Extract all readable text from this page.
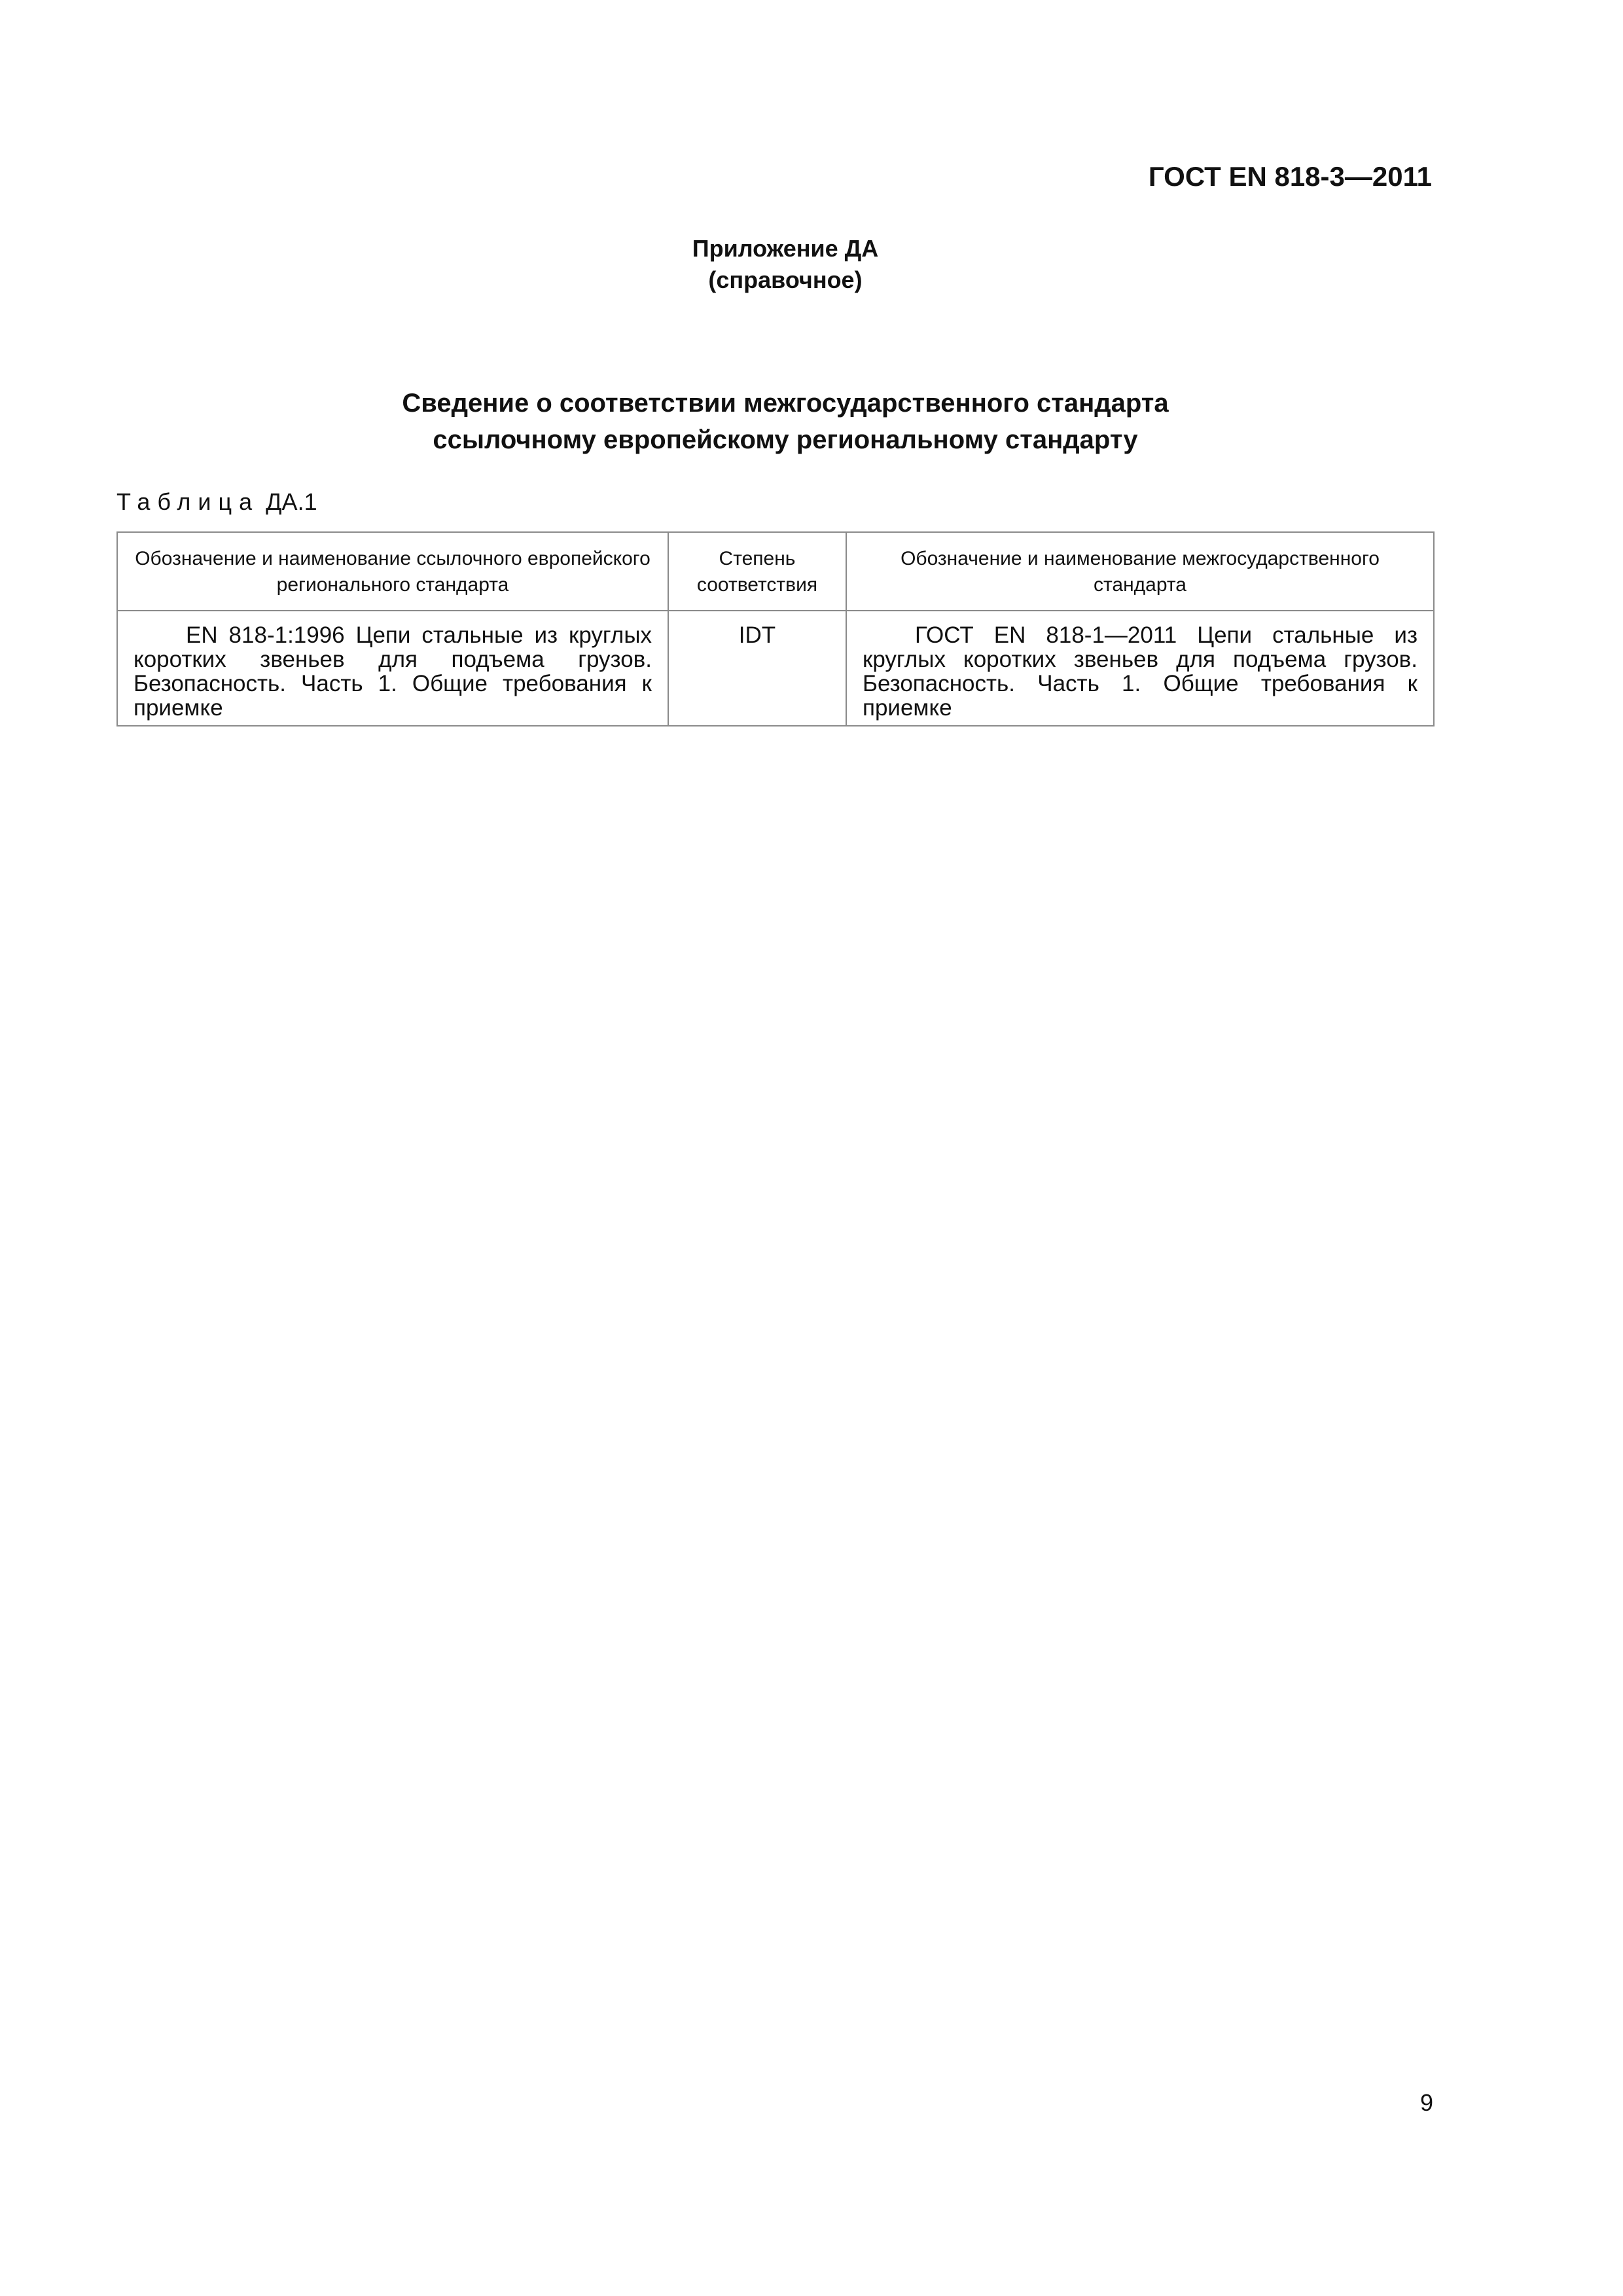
ГОСТ EN 818-3—2011
Приложение ДА
(справочное)
Сведение о соответствии межгосударственного стандарта
ссылочному европейскому региональному стандарту
Таблица ДА.1
Обозначение и наименование ссылочного европейского регионального стандарта	Степень соответствия	Обозначение и наименование межгосударственного стандарта
EN 818-1:1996 Цепи стальные из круглых коротких звеньев для подъема грузов. Безопасность. Часть 1. Общие требования к приемке	IDT	ГОСТ EN 818-1—2011 Цепи стальные из круглых коротких звеньев для подъема грузов. Безопасность. Часть 1. Общие требования к приемке
9
